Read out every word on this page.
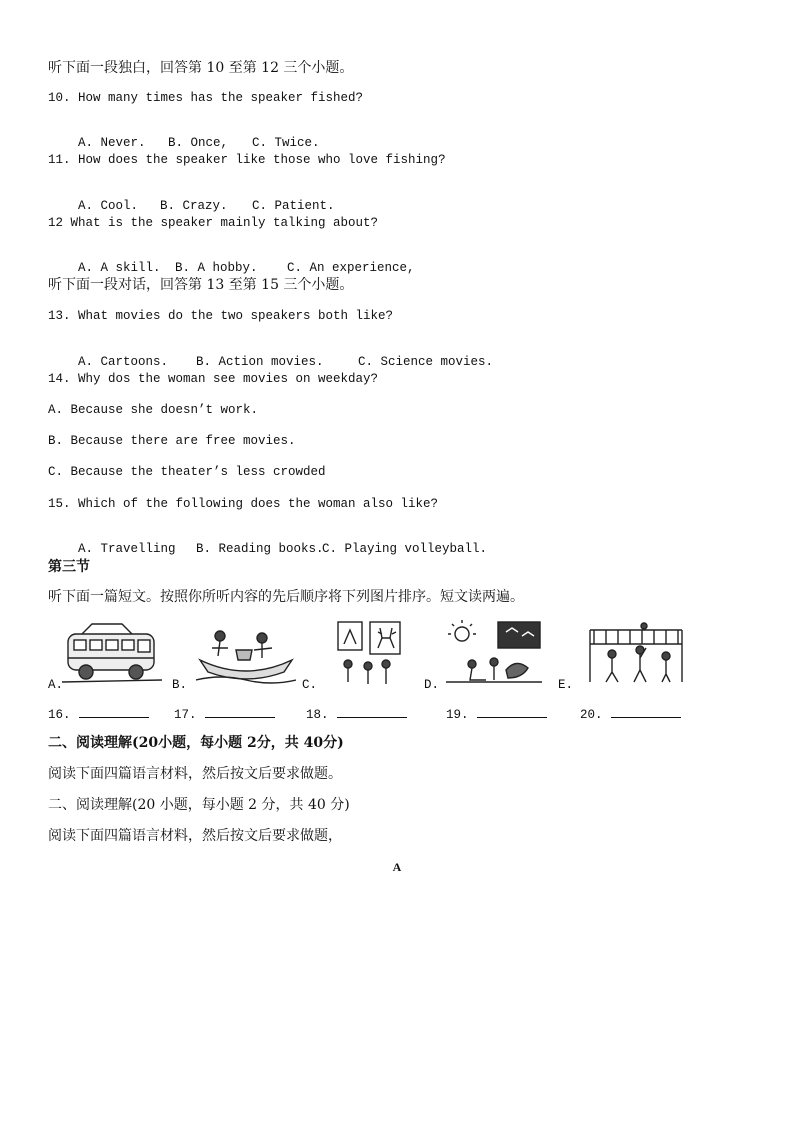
听下面一段独白，回答第 10 至第 12 三个小题。
10. How many times has the speaker fished?

A. Never. B. Once, C. Twice.

11. How does the speaker like those who love fishing?

A. Cool. B. Crazy. C. Patient.

12 What is the speaker mainly talking about?

A. A skill. B. A hobby. C. An experience,

听下面一段对话，回答第 13 至第 15 三个小题。
13. What movies do the two speakers both like?

A. Cartoons. B. Action movies.	C. Science movies.

14. Why dos the woman see movies on weekday?
A. Because she doesn’t work.
B. Because there are free movies.
C. Because the theater’s less crowded
15. Which of the following does the woman also like?

A. Travelling B. Reading books.C. Playing volleyball.

第三节
听下面一篇短文。按照你所听内容的先后顺序将下列图片排序。短文读两遍。
A.	B.	C.	D.	E.
16.	17.	18.	19.	20.
二、阅读理解(20小题，每小题 2分，共 40分)
阅读下面四篇语言材料，然后按文后要求做题。
二、阅读理解(20 小题，每小题 2 分，共 40 分)
阅读下面四篇语言材料，然后按文后要求做题，
A
